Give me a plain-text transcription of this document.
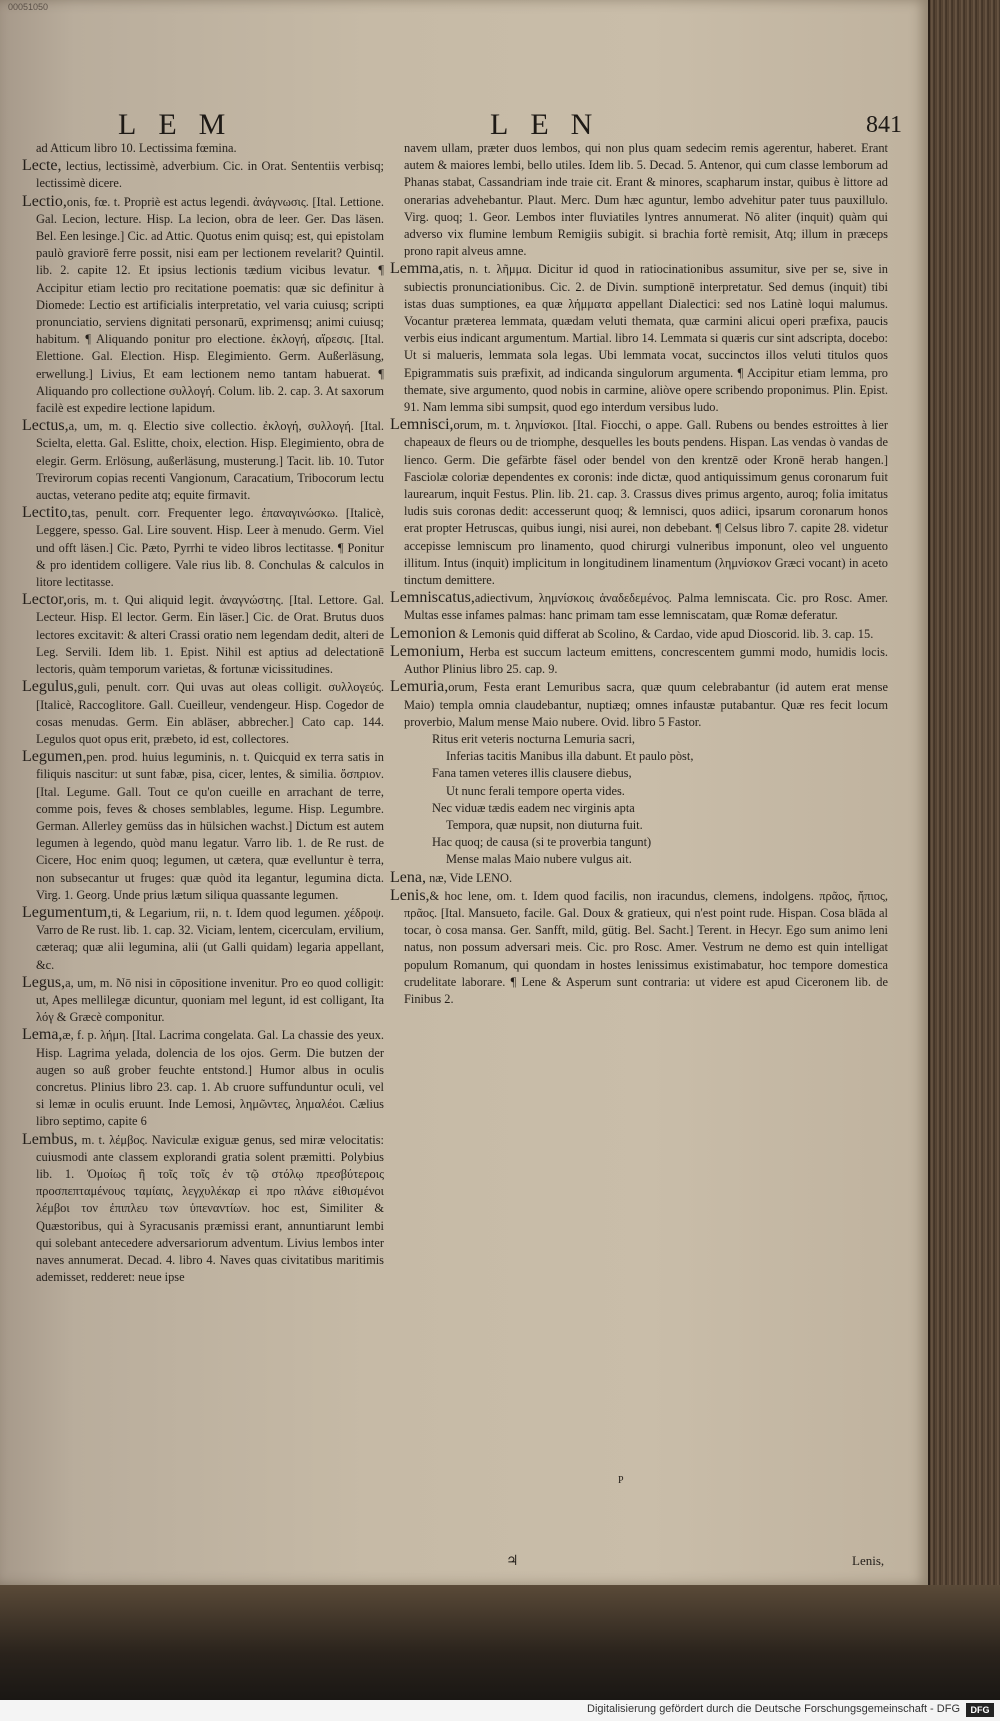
00051050
LEM	LEN	841

ad Atticum libro 10. Lectissima fœmina.

Lecte, lectius, lectissimè, adverbium. Cic. in Orat. Sententiis verbisq; lectissimè dicere.

Lectio,onis, fœ. t. Propriè est actus legendi. ἀνάγνωσις. [Ital. Lettione. Gal. Lecion, lecture. Hisp. La lecion, obra de leer. Ger. Das läsen. Bel. Een lesinge.] Cic. ad Attic. Quotus enim quisq; est, qui epistolam paulò graviorē ferre possit, nisi eam per lectionem revelarit? Quintil. lib. 2. capite 12. Et ipsius lectionis tædium vicibus levatur. ¶ Accipitur etiam lectio pro recitatione poematis: quæ sic definitur à Diomede: Lectio est artificialis interpretatio, vel varia cuiusq; scripti pronunciatio, serviens dignitati personarū, exprimensq; animi cuiusq; habitum. ¶ Aliquando ponitur pro electione. ἐκλογή, αἵρεσις. [Ital. Elettione. Gal. Election. Hisp. Elegimiento. Germ. Außerläsung, erwellung.] Livius, Et eam lectionem nemo tantam habuerat. ¶ Aliquando pro collectione συλλογή. Colum. lib. 2. cap. 3. At saxorum facilè est expedire lectione lapidum.

Lectus,a, um, m. q. Electio sive collectio. ἐκλογή, συλλογή. [Ital. Scielta, eletta. Gal. Eslitte, choix, election. Hisp. Elegimiento, obra de elegir. Germ. Erlösung, außerläsung, musterung.] Tacit. lib. 10. Tutor Trevirorum copias recenti Vangionum, Caracatium, Tribocorum lectu auctas, veterano pedite atq; equite firmavit.

Lectito,tas, penult. corr. Frequenter lego. ἐπαναγινώσκω. [Italicè, Leggere, spesso. Gal. Lire souvent. Hisp. Leer à menudo. Germ. Viel und offt läsen.] Cic. Pæto, Pyrrhi te video libros lectitasse. ¶ Ponitur & pro identidem colligere. Vale rius lib. 8. Conchulas & calculos in litore lectitasse.

Lector,oris, m. t. Qui aliquid legit. ἀναγνώστης. [Ital. Lettore. Gal. Lecteur. Hisp. El lector. Germ. Ein läser.] Cic. de Orat. Brutus duos lectores excitavit: & alteri Crassi oratio nem legendam dedit, alteri de Leg. Servili. Idem lib. 1. Epist. Nihil est aptius ad delectationē lectoris, quàm temporum varietas, & fortunæ vicissitudines.

Legulus,guli, penult. corr. Qui uvas aut oleas colligit. συλλογεύς. [Italicè, Raccoglitore. Gall. Cueilleur, vendengeur. Hisp. Cogedor de cosas menudas. Germ. Ein abläser, abbrecher.] Cato cap. 144. Legulos quot opus erit, præbeto, id est, collectores.

Legumen,pen. prod. huius leguminis, n. t. Quicquid ex terra satis in filiquis nascitur: ut sunt fabæ, pisa, cicer, lentes, & similia. ὄσπριον. [Ital. Legume. Gall. Tout ce qu'on cueille en arrachant de terre, comme pois, feves & choses semblables, legume. Hisp. Legumbre. German. Allerley gemüss das in hülsichen wachst.] Dictum est autem legumen à legendo, quòd manu legatur. Varro lib. 1. de Re rust. de Cicere, Hoc enim quoq; legumen, ut cætera, quæ evelluntur è terra, non subsecantur ut fruges: quæ quòd ita legantur, legumina dicta. Virg. 1. Georg. Unde prius lætum siliqua quassante legumen.

Legumentum,ti, & Legarium, rii, n. t. Idem quod legumen. χέδροψ. Varro de Re rust. lib. 1. cap. 32. Viciam, lentem, cicerculam, ervilium, cæteraq; quæ alii legumina, alii (ut Galli quidam) legaria appellant, &c.

Legus,a, um, m. Nō nisi in cōpositione invenitur. Pro eo quod colligit: ut, Apes mellilegæ dicuntur, quoniam mel legunt, id est colligant, Ita λόγ & Græcè componitur.

Lema,æ, f. p. λήμη. [Ital. Lacrima congelata. Gal. La chassie des yeux. Hisp. Lagrima yelada, dolencia de los ojos. Germ. Die butzen der augen so auß grober feuchte entstond.] Humor albus in oculis concretus. Plinius libro 23. cap. 1. Ab cruore suffunduntur oculi, vel si lemæ in oculis eruunt. Inde Lemosi, λημῶντες, λημαλέοι. Cælius libro septimo, capite 6

Lembus, m. t. λέμβος. Naviculæ exiguæ genus, sed miræ velocitatis: cuiusmodi ante classem explorandi gratia solent præmitti. Polybius lib. 1. Ὁμοίως ἢ τοῖς τοῖς ἐν τῷ στόλῳ πρεσβύτεροις προσπεπταμένους ταμίαις, λεγχυλέκαρ εἰ προ πλάνε εἰθισμένοι λέμβοι τον ἐπιπλευ των ὑπεναντίων. hoc est, Similiter & Quæstoribus, qui à Syracusanis præmissi erant, annuntiarunt lembi qui solebant antecedere adversariorum adventum. Livius lembos inter naves annumerat. Decad. 4. libro 4. Naves quas civitatibus maritimis ademisset, redderet: neue ipse

navem ullam, præter duos lembos, qui non plus quam sedecim remis agerentur, haberet. Erant autem & maiores lembi, bello utiles. Idem lib. 5. Decad. 5. Antenor, qui cum classe lemborum ad Phanas stabat, Cassandriam inde traie cit. Erant & minores, scapharum instar, quibus è littore ad onerarias advehebantur. Plaut. Merc. Dum hæc aguntur, lembo advehitur pater tuus pauxillulo. Virg. quoq; 1. Geor. Lembos inter fluviatiles lyntres annumerat. Nō aliter (inquit) quàm qui adverso vix flumine lembum Remigiis subigit. si brachia fortè remisit, Atq; illum in præceps prono rapit alveus amne.

Lemma,atis, n. t. λῆμμα. Dicitur id quod in ratiocinationibus assumitur, sive per se, sive in subiectis pronunciationibus. Cic. 2. de Divin. sumptionē interpretatur. Sed demus (inquit) tibi istas duas sumptiones, ea quæ λήμματα appellant Dialectici: sed nos Latinè loqui malumus. Vocantur præterea lemmata, quædam veluti themata, quæ carmini alicui operi præfixa, paucis verbis eius indicant argumentum. Martial. libro 14. Lemmata si quæris cur sint adscripta, docebo: Ut si malueris, lemmata sola legas. Ubi lemmata vocat, succinctos illos veluti titulos quos Epigrammatis suis præfixit, ad indicanda singulorum argumenta. ¶ Accipitur etiam lemma, pro themate, sive argumento, quod nobis in carmine, aliòve opere scribendo proponimus. Plin. Epist. 91. Nam lemma sibi sumpsit, quod ego interdum versibus ludo.

Lemnisci,orum, m. t. λημνίσκοι. [Ital. Fiocchi, o appe. Gall. Rubens ou bendes estroittes à lier chapeaux de fleurs ou de triomphe, desquelles les bouts pendens. Hispan. Las vendas ò vandas de lienco. Germ. Die gefärbte fäsel oder bendel von den krentzē oder Kronē herab hangen.] Fasciolæ coloriæ dependentes ex coronis: inde dictæ, quod antiquissimum genus coronarum fuit laurearum, inquit Festus. Plin. lib. 21. cap. 3. Crassus dives primus argento, auroq; folia imitatus ludis suis coronas dedit: accesserunt quoq; & lemnisci, quos adiici, ipsarum coronarum honos erat propter Hetruscas, quibus iungi, nisi aurei, non debebant. ¶ Celsus libro 7. capite 28. videtur accepisse lemniscum pro linamento, quod chirurgi vulneribus imponunt, oleo vel unguento illitum. Intus (inquit) implicitum in longitudinem linamentum (λημνίσκον Græci vocant) in aceto tinctum demittere.

Lemniscatus,adiectivum, λημνίσκοις ἀναδεδεμένος. Palma lemniscata. Cic. pro Rosc. Amer. Multas esse infames palmas: hanc primam tam esse lemniscatam, quæ Romæ deferatur.

Lemonion & Lemonis quid differat ab Scolino, & Cardao, vide apud Dioscorid. lib. 3. cap. 15.

Lemonium, Herba est succum lacteum emittens, concrescentem gummi modo, humidis locis. Author Plinius libro 25. cap. 9.

Lemuria,orum, Festa erant Lemuribus sacra, quæ quum celebrabantur (id autem erat mense Maio) templa omnia claudebantur, nuptiæq; omnes infaustæ putabantur. Quæ res fecit locum proverbio, Malum mense Maio nubere. Ovid. libro 5 Fastor.

Ritus erit veteris nocturna Lemuria sacri,

Inferias tacitis Manibus illa dabunt. Et paulo pòst,

Fana tamen veteres illis clausere diebus,

Ut nunc ferali tempore operta vides.

Nec viduæ tædis eadem nec virginis apta

Tempora, quæ nupsit, non diuturna fuit.

Hac quoq; de causa (si te proverbia tangunt)

Mense malas Maio nubere vulgus ait.

Lena, næ, Vide LENO.

Lenis,& hoc lene, om. t. Idem quod facilis, non iracundus, clemens, indolgens. πρᾶος, ἤπιος, πρᾶος. [Ital. Mansueto, facile. Gal. Doux & gratieux, qui n'est point rude. Hispan. Cosa blāda al tocar, ò cosa mansa. Ger. Sanfft, mild, gütig. Bel. Sacht.] Terent. in Hecyr. Ego sum animo leni natus, non possum adversari meis. Cic. pro Rosc. Amer. Vestrum ne demo est quin intelligat populum Romanum, qui quondam in hostes lenissimus existimabatur, hoc tempore domestica crudelitate laborare. ¶ Lene & Asperum sunt contraria: ut videre est apud Ciceronem lib. de Finibus 2.

P
♃	Lenis,
Digitalisierung gefördert durch die Deutsche Forschungsgemeinschaft - DFG	DFG
